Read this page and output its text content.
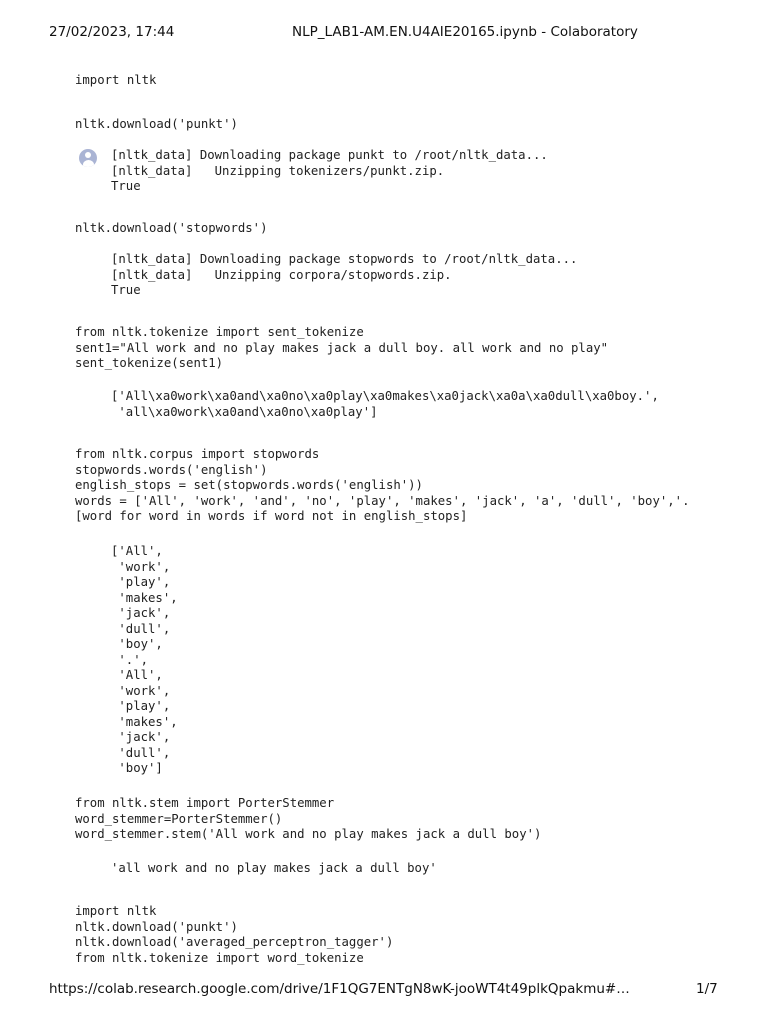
27/02/2023, 17:44	NLP_LAB1-AM.EN.U4AIE20165.ipynb - Colaboratory
import nltk
nltk.download('punkt')
[nltk_data] Downloading package punkt to /root/nltk_data...
[nltk_data]   Unzipping tokenizers/punkt.zip.
True
nltk.download('stopwords')
[nltk_data] Downloading package stopwords to /root/nltk_data...
[nltk_data]   Unzipping corpora/stopwords.zip.
True
from nltk.tokenize import sent_tokenize
sent1="All work and no play makes jack a dull boy. all work and no play"
sent_tokenize(sent1)
['All\xa0work\xa0and\xa0no\xa0play\xa0makes\xa0jack\xa0a\xa0dull\xa0boy.',
'all\xa0work\xa0and\xa0no\xa0play']
from nltk.corpus import stopwords
stopwords.words('english')
english_stops = set(stopwords.words('english'))
words = ['All', 'work', 'and', 'no', 'play', 'makes', 'jack', 'a', 'dull', 'boy','.
[word for word in words if word not in english_stops]
['All',
'work',
'play',
'makes',
'jack',
'dull',
'boy',
'.',
'All',
'work',
'play',
'makes',
'jack',
'dull',
'boy']
from nltk.stem import PorterStemmer
word_stemmer=PorterStemmer()
word_stemmer.stem('All work and no play makes jack a dull boy')
'all work and no play makes jack a dull boy'
import nltk
nltk.download('punkt')
nltk.download('averaged_perceptron_tagger')
from nltk.tokenize import word_tokenize
https://colab.research.google.com/drive/1F1QG7ENTgN8wK-jooWT4t49plkQpakmu#…	1/7
